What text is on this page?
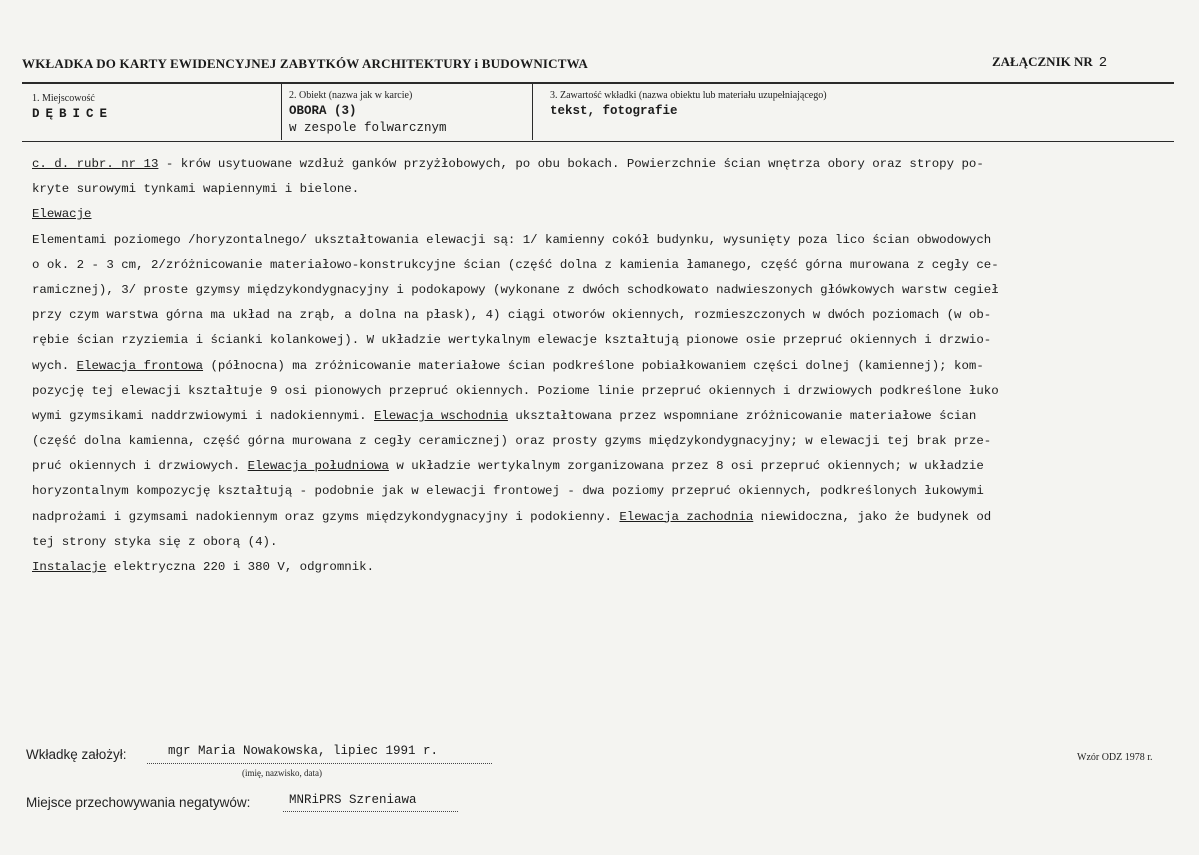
WKŁADKA DO KARTY EWIDENCYJNEJ ZABYTKÓW ARCHITEKTURY i BUDOWNICTWA	ZAŁĄCZNIK NR 2
1. Miejscowość
DĘBICE
2. Obiekt (nazwa jak w karcie)
OBORA (3)
w zespole folwarcznym
3. Zawartość wkładki (nazwa obiektu lub materiału uzupełniającego)
tekst, fotografie
c. d. rubr. nr 13 - krów usytuowane wzdłuż ganków przyżłobowych, po obu bokach. Powierzchnie ścian wnętrza obory oraz stropy po-
kryte surowymi tynkami wapiennymi i bielone.
Elewacje
Elementami poziomego /horyzontalnego/ ukształtowania elewacji są: 1/ kamienny cokół budynku, wysunięty poza lico ścian obwodowych
o ok. 2 - 3 cm, 2/zróżnicowanie materiałowo-konstrukcyjne ścian (część dolna z kamienia łamanego, część górna murowana z cegły ce-
ramicznej), 3/ proste gzymsy międzykondygnacyjny i podokapowy (wykonane z dwóch schodkowato nadwieszonych główkowych warstw cegieł
przy czym warstwa górna ma układ na zrąb, a dolna na płask), 4) ciągi otworów okiennych, rozmieszczonych w dwóch poziomach (w ob-
rębie ścian rzyziemia i ścianki kolankowej). W układzie wertykalnym elewacje kształtują pionowe osie przepruć okiennych i drzwio-
wych. Elewacja frontowa (północna) ma zróżnicowanie materiałowe ścian podkreślone pobiałkowaniem części dolnej (kamiennej); kom-
pozycję tej elewacji kształtuje 9 osi pionowych przepruć okiennych. Poziome linie przepruć okiennych i drzwiowych podkreślone łuko
wymi gzymsikami naddrzwiowymi i nadokiennymi. Elewacja wschodnia ukształtowana przez wspomniane zróżnicowanie materiałowe ścian
(część dolna kamienna, część górna murowana z cegły ceramicznej) oraz prosty gzyms międzykondygnacyjny; w elewacji tej brak prze-
pruć okiennych i drzwiowych. Elewacja południowa w układzie wertykalnym zorganizowana przez 8 osi przepruć okiennych; w układzie
horyzontalnym kompozycję kształtują - podobnie jak w elewacji frontowej - dwa poziomy przepruć okiennych, podkreślonych łukowymi
nadprożami i gzymsami nadokiennym oraz gzyms międzykondygnacyjny i podokienny. Elewacja zachodnia niewidoczna, jako że budynek od
tej strony styka się z oborą (4).
Instalacje elektryczna 220 i 380 V, odgromnik.
Wkładkę założył:	mgr Maria Nowakowska, lipiec 1991 r.
(imię, nazwisko, data)
Wzór ODZ 1978 r.
Miejsce przechowywania negatywów:	MNRiPRS Szreniawa
